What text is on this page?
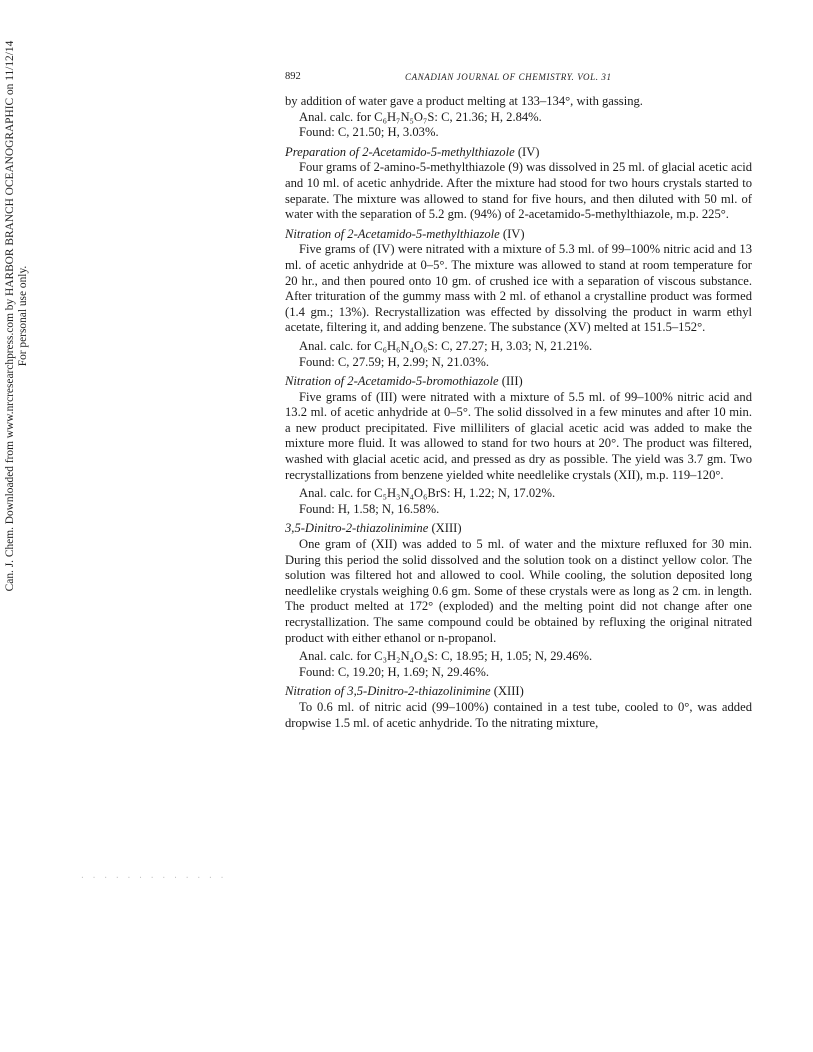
Can. J. Chem. Downloaded from www.nrcresearchpress.com by HARBOR BRANCH OCEANOGRAPHIC on 11/12/14 For personal use only.
892	CANADIAN JOURNAL OF CHEMISTRY. VOL. 31

by addition of water gave a product melting at 133–134°, with gassing.

Anal. calc. for C₆H₇N₅O₇S: C, 21.36; H, 2.84%.

Found: C, 21.50; H, 3.03%.

Preparation of 2-Acetamido-5-methylthiazole (IV)

Four grams of 2-amino-5-methylthiazole (9) was dissolved in 25 ml. of glacial acetic acid and 10 ml. of acetic anhydride. After the mixture had stood for two hours crystals started to separate. The mixture was allowed to stand for five hours, and then diluted with 50 ml. of water with the separation of 5.2 gm. (94%) of 2-acetamido-5-methylthiazole, m.p. 225°.

Nitration of 2-Acetamido-5-methylthiazole (IV)

Five grams of (IV) were nitrated with a mixture of 5.3 ml. of 99–100% nitric acid and 13 ml. of acetic anhydride at 0–5°. The mixture was allowed to stand at room temperature for 20 hr., and then poured onto 10 gm. of crushed ice with a separation of viscous substance. After trituration of the gummy mass with 2 ml. of ethanol a crystalline product was formed (1.4 gm.; 13%). Recrystallization was effected by dissolving the product in warm ethyl acetate, filtering it, and adding benzene. The substance (XV) melted at 151.5–152°.

Anal. calc. for C₆H₆N₄O₆S: C, 27.27; H, 3.03; N, 21.21%.

Found: C, 27.59; H, 2.99; N, 21.03%.

Nitration of 2-Acetamido-5-bromothiazole (III)

Five grams of (III) were nitrated with a mixture of 5.5 ml. of 99–100% nitric acid and 13.2 ml. of acetic anhydride at 0–5°. The solid dissolved in a few minutes and after 10 min. a new product precipitated. Five milliliters of glacial acetic acid was added to make the mixture more fluid. It was allowed to stand for two hours at 20°. The product was filtered, washed with glacial acetic acid, and pressed as dry as possible. The yield was 3.7 gm. Two recrystallizations from benzene yielded white needlelike crystals (XII), m.p. 119–120°.

Anal. calc. for C₅H₃N₄O₆BrS: H, 1.22; N, 17.02%.

Found: H, 1.58; N, 16.58%.

3,5-Dinitro-2-thiazolinimine (XIII)

One gram of (XII) was added to 5 ml. of water and the mixture refluxed for 30 min. During this period the solid dissolved and the solution took on a distinct yellow color. The solution was filtered hot and allowed to cool. While cooling, the solution deposited long needlelike crystals weighing 0.6 gm. Some of these crystals were as long as 2 cm. in length. The product melted at 172° (exploded) and the melting point did not change after one recrystallization. The same compound could be obtained by refluxing the original nitrated product with either ethanol or n-propanol.

Anal. calc. for C₃H₂N₄O₄S: C, 18.95; H, 1.05; N, 29.46%.

Found: C, 19.20; H, 1.69; N, 29.46%.

Nitration of 3,5-Dinitro-2-thiazolinimine (XIII)

To 0.6 ml. of nitric acid (99–100%) contained in a test tube, cooled to 0°, was added dropwise 1.5 ml. of acetic anhydride. To the nitrating mixture,

. . . . . . . . . . . . .
